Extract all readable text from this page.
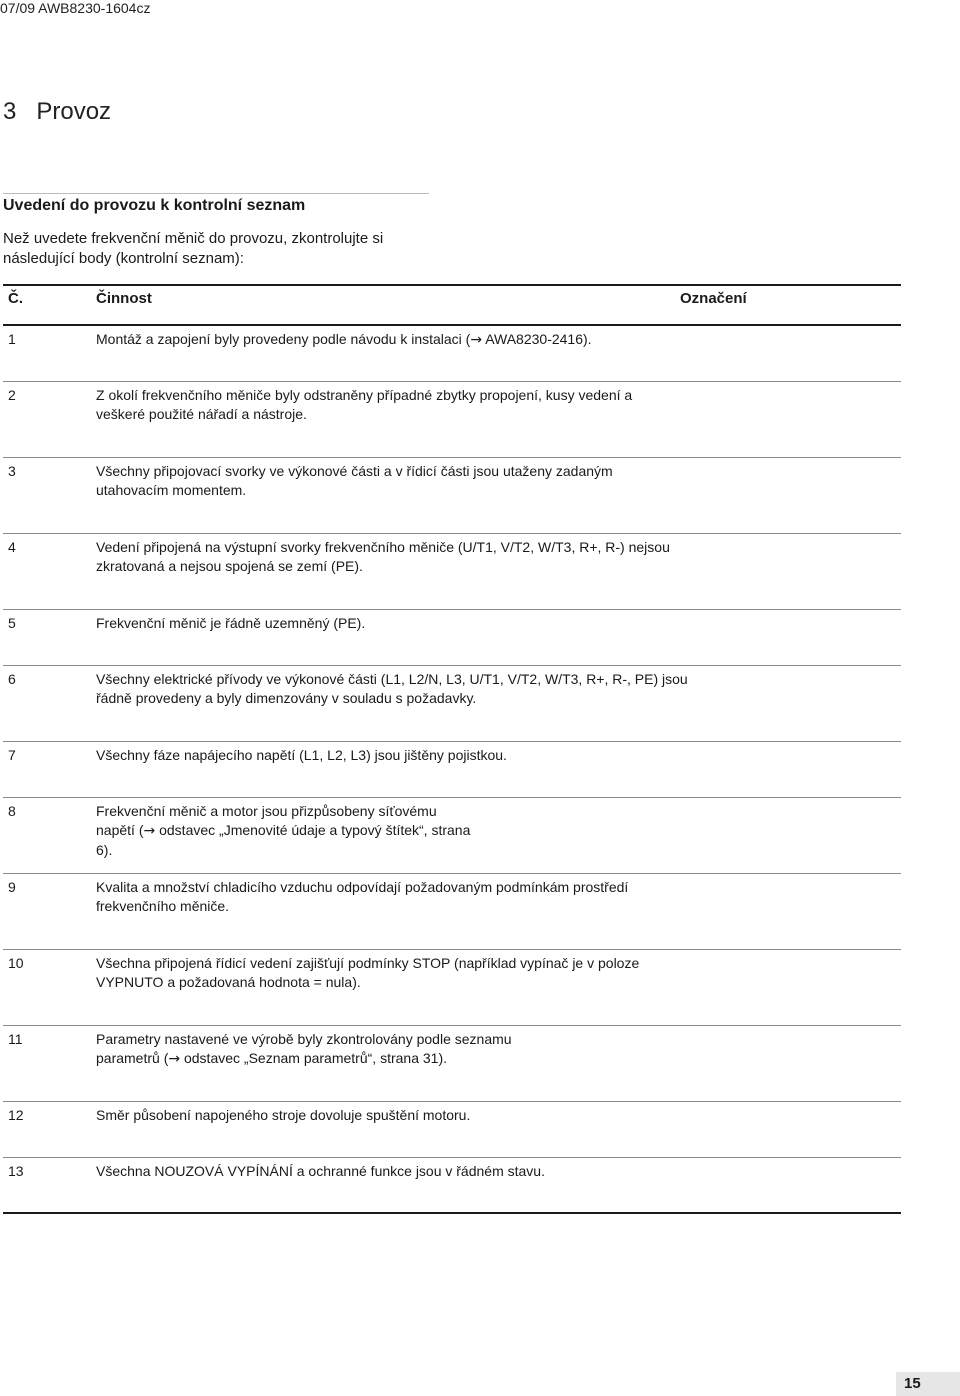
07/09 AWB8230-1604cz
3   Provoz
Uvedení do provozu k kontrolní seznam
Než uvedete frekvenční měnič do provozu, zkontrolujte si následující body (kontrolní seznam):
Č.	Činnost	Označení
1	Montáž a zapojení byly provedeny podle návodu k instalaci (→ AWA8230-2416).
2	Z okolí frekvenčního měniče byly odstraněny případné zbytky propojení, kusy vedení a veškeré použité nářadí a nástroje.
3	Všechny připojovací svorky ve výkonové části a v řídicí části jsou utaženy zadaným utahovacím momentem.
4	Vedení připojená na výstupní svorky frekvenčního měniče (U/T1, V/T2, W/T3, R+, R-) nejsou zkratovaná a nejsou spojená se zemí (PE).
5	Frekvenční měnič je řádně uzemněný (PE).
6	Všechny elektrické přívody ve výkonové části (L1, L2/N, L3, U/T1, V/T2, W/T3, R+, R-, PE) jsou řádně provedeny a byly dimenzovány v souladu s požadavky.
7	Všechny fáze napájecího napětí (L1, L2, L3) jsou jištěny pojistkou.
8	Frekvenční měnič a motor jsou přizpůsobeny síťovému napětí (→ odstavec „Jmenovité údaje a typový štítek“, strana 6).
9	Kvalita a množství chladicího vzduchu odpovídají požadovaným podmínkám prostředí frekvenčního měniče.
10	Všechna připojená řídicí vedení zajišťují podmínky STOP (například vypínač je v poloze VYPNUTO a požadovaná hodnota = nula).
11	Parametry nastavené ve výrobě byly zkontrolovány podle seznamu parametrů (→ odstavec „Seznam parametrů“, strana 31).
12	Směr působení napojeného stroje dovoluje spuštění motoru.
13	Všechna NOUZOVÁ VYPÍNÁNÍ a ochranné funkce jsou v řádném stavu.
15
